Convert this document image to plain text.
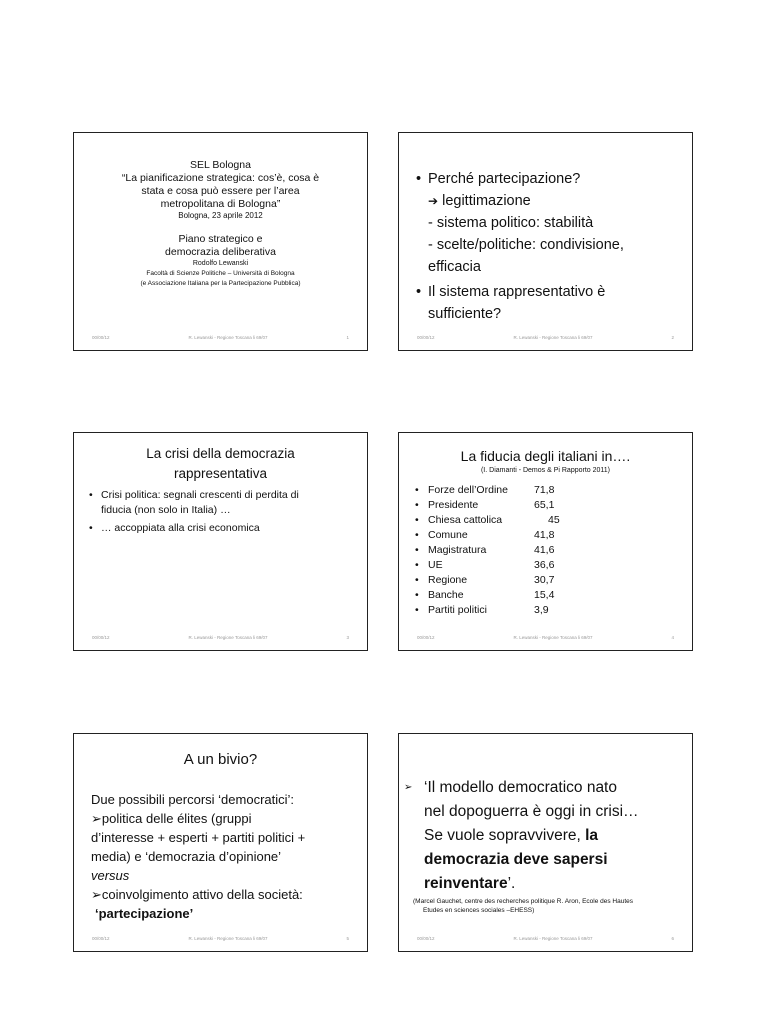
SEL Bologna
“La pianificazione strategica: cos’è, cosa è
stata e cosa può essere per l’area
metropolitana di Bologna”
Bologna, 23 aprile 2012
Piano strategico e
democrazia deliberativa
Rodolfo Lewanski
Facoltà di Scienze Politiche – Università di Bologna
(e Associazione Italiana per la Partecipazione Pubblica)
00/00/12	R. Lewanski - Regione Toscana li 69/07	1
• Perché partecipazione?
➔ legittimazione
- sistema politico: stabilità
- scelte/politiche: condivisione,
efficacia
• Il sistema rappresentativo è
sufficiente?
00/00/12	R. Lewanski - Regione Toscana li 69/07	2
La crisi della democrazia
rappresentativa
• Crisi politica: segnali crescenti di perdita di
fiducia (non solo in Italia) …
• … accoppiata alla crisi economica
00/00/12	R. Lewanski - Regione Toscana li 69/07	3
La fiducia degli italiani in….
(I. Diamanti - Demos & Pi Rapporto 2011)
• Forze dell’Ordine	71,8
• Presidente	65,1
• Chiesa cattolica	45
• Comune	41,8
• Magistratura	41,6
• UE	36,6
• Regione	30,7
• Banche	15,4
• Partiti politici	3,9
00/00/12	R. Lewanski - Regione Toscana li 69/07	4
A un bivio?
Due possibili percorsi ‘democratici’:
➢politica delle élites (gruppi
d’interesse + esperti + partiti politici +
media) e ‘democrazia d’opinione’
versus
➢coinvolgimento attivo della società:
‘partecipazione’
00/00/12	R. Lewanski - Regione Toscana li 69/07	5
➢ ‘Il modello democratico nato
nel dopoguerra è oggi in crisi…
Se vuole sopravvivere, la
democrazia deve sapersi
reinventare’.
(Marcel Gauchet, centre des recherches politique R. Aron, Ecole des Hautes
Etudes en sciences sociales –EHESS)
00/00/12	R. Lewanski - Regione Toscana li 69/07	6
